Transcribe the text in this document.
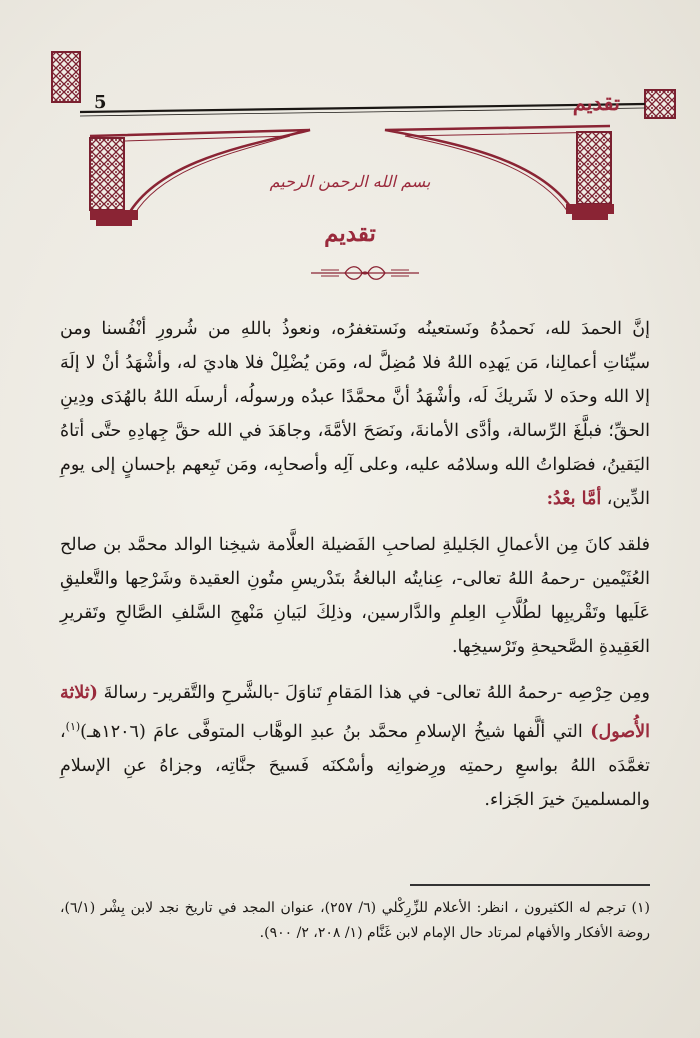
تقديم
5
بسم الله الرحمن الرحيم
تقديم

إنَّ الحمدَ لله، نَحمدُهُ ونَستعينُه ونَستغفرُه، ونعوذُ باللهِ من شُرورِ أنْفُسنا ومن سيِّئاتِ أعمالِنا، مَن يَهدِه اللهُ فلا مُضِلَّ له، ومَن يُضْلِلْ فلا هاديَ له، وأشْهَدُ أنْ لا إلَهَ إلا الله وحدَه لا شَريكَ لَه، وأشْهَدُ أنَّ محمَّدًا عبدُه ورسولُه، أرسلَه اللهُ بالهُدَى ودِينِ الحقِّ؛ فبلَّغَ الرِّسالة، وأدَّى الأمانةَ، ونَصَحَ الأمَّةَ، وجاهَدَ في الله حقَّ جِهادِهِ حتَّى أتاهُ اليَقينُ، فصَلواتُ الله وسلامُه عليه، وعلى آلِه وأصحابِه، ومَن تَبِعهم بإحسانٍ إلى يومِ الدِّين، أمَّا بعْدُ:

فلقد كانَ مِن الأعمالِ الجَليلةِ لصاحبِ الفَضيلة العلَّامة شيخِنا الوالد محمَّد بن صالح العُثَيْمين -رحمهُ اللهُ تعالى-، عِنايتُه البالغةُ بتَدْريسِ متُونِ العقيدة وشَرْحِها والتَّعليقِ عَلَيها وتَقْريبِها لطُلَّابِ العِلمِ والدَّارسين، وذلِكَ لبَيانِ مَنْهجِ السَّلفِ الصَّالحِ وتَقريرِ العَقِيدةِ الصَّحيحةِ وتَرْسيخِها.

ومِن حِرْصِه -رحمهُ اللهُ تعالى- في هذا المَقامِ تَناوَلَ -بالشَّرحِ والتَّقرير- رسالةَ (ثلاثة الأُصول) التي ألَّفها شيخُ الإسلامِ محمَّد بنُ عبدِ الوهَّاب المتوفَّى عامَ (١٢٠٦هـ)$^{(١)}$، تغمَّدَه اللهُ بواسعِ رحمتِه ورِضوانِه وأسْكنَه فَسيحَ جنَّاتِه، وجزاهُ عنِ الإسلامِ والمسلمينَ خيرَ الجَزاء.

(١) ترجم له الكثيرون ، انظر: الأعلام للزِّرِكْلي (٦/ ٢٥٧)، عنوان المجد في تاريخ نجد لابن بِشْر (٦/١)، روضة الأفكار والأفهام لمرتاد حال الإمام لابن غَنَّام (١/ ٢٠٨، ٢/ ٩٠٠).
